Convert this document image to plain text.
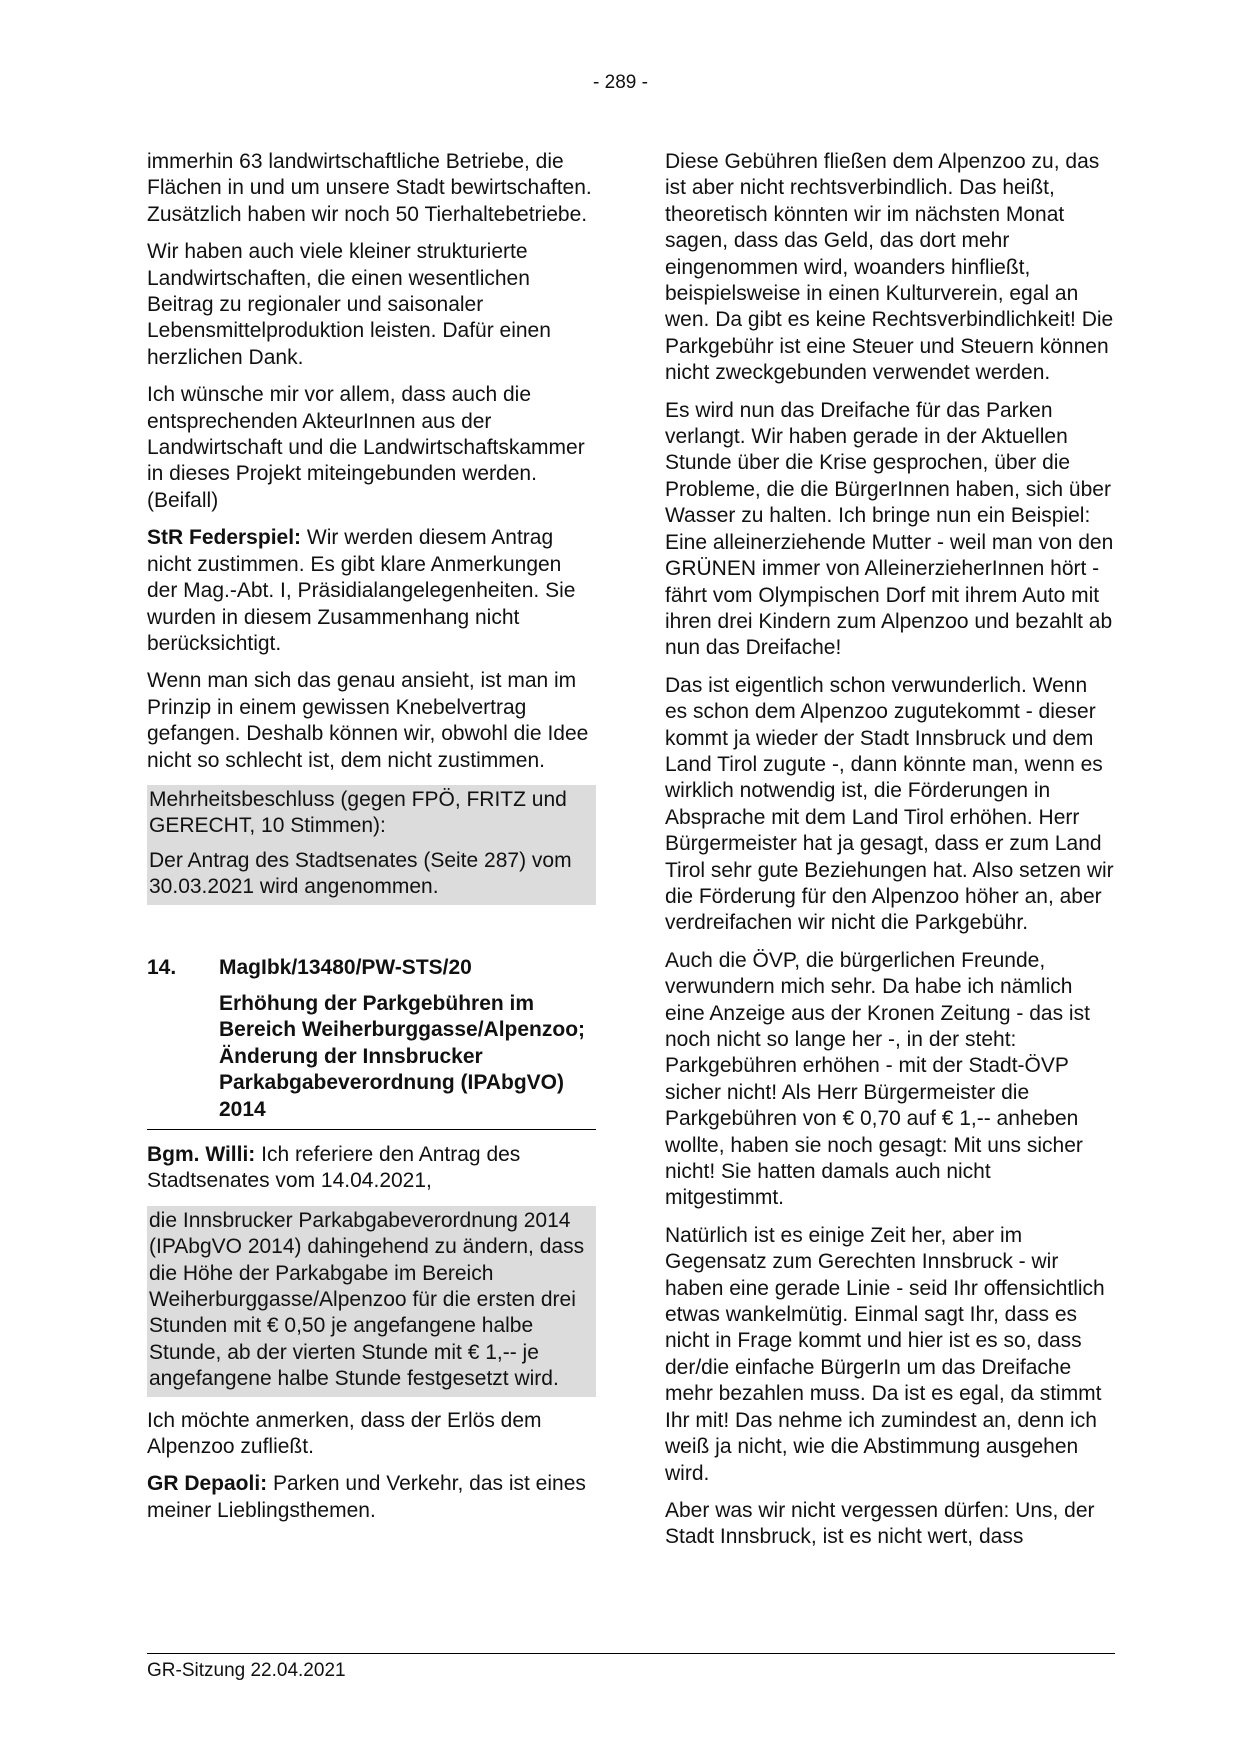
- 289 -

immerhin 63 landwirtschaftliche Betriebe, die Flächen in und um unsere Stadt bewirtschaften. Zusätzlich haben wir noch 50 Tierhaltebetriebe.

Wir haben auch viele kleiner strukturierte Landwirtschaften, die einen wesentlichen Beitrag zu regionaler und saisonaler Lebensmittelproduktion leisten. Dafür einen herzlichen Dank.

Ich wünsche mir vor allem, dass auch die entsprechenden AkteurInnen aus der Landwirtschaft und die Landwirtschaftskammer in dieses Projekt miteingebunden werden. (Beifall)

StR Federspiel: Wir werden diesem Antrag nicht zustimmen. Es gibt klare Anmerkungen der Mag.-Abt. I, Präsidialangelegenheiten. Sie wurden in diesem Zusammenhang nicht berücksichtigt.

Wenn man sich das genau ansieht, ist man im Prinzip in einem gewissen Knebelvertrag gefangen. Deshalb können wir, obwohl die Idee nicht so schlecht ist, dem nicht zustimmen.

Mehrheitsbeschluss (gegen FPÖ, FRITZ und GERECHT, 10 Stimmen):

Der Antrag des Stadtsenates (Seite 287) vom 30.03.2021 wird angenommen.

14.	MagIbk/13480/PW-STS/20
Erhöhung der Parkgebühren im Bereich Weiherburggasse/Alpenzoo; Änderung der Innsbrucker Parkabgabeverordnung (IPAbgVO) 2014

Bgm. Willi: Ich referiere den Antrag des Stadtsenates vom 14.04.2021,

die Innsbrucker Parkabgabeverordnung 2014 (IPAbgVO 2014) dahingehend zu ändern, dass die Höhe der Parkabgabe im Bereich Weiherburggasse/Alpenzoo für die ersten drei Stunden mit € 0,50 je angefangene halbe Stunde, ab der vierten Stunde mit € 1,-- je angefangene halbe Stunde festgesetzt wird.

Ich möchte anmerken, dass der Erlös dem Alpenzoo zufließt.

GR Depaoli: Parken und Verkehr, das ist eines meiner Lieblingsthemen.

Diese Gebühren fließen dem Alpenzoo zu, das ist aber nicht rechtsverbindlich. Das heißt, theoretisch könnten wir im nächsten Monat sagen, dass das Geld, das dort mehr eingenommen wird, woanders hinfließt, beispielsweise in einen Kulturverein, egal an wen. Da gibt es keine Rechtsverbindlichkeit! Die Parkgebühr ist eine Steuer und Steuern können nicht zweckgebunden verwendet werden.

Es wird nun das Dreifache für das Parken verlangt. Wir haben gerade in der Aktuellen Stunde über die Krise gesprochen, über die Probleme, die die BürgerInnen haben, sich über Wasser zu halten. Ich bringe nun ein Beispiel: Eine alleinerziehende Mutter - weil man von den GRÜNEN immer von AlleinerzieherInnen hört - fährt vom Olympischen Dorf mit ihrem Auto mit ihren drei Kindern zum Alpenzoo und bezahlt ab nun das Dreifache!

Das ist eigentlich schon verwunderlich. Wenn es schon dem Alpenzoo zugutekommt - dieser kommt ja wieder der Stadt Innsbruck und dem Land Tirol zugute -, dann könnte man, wenn es wirklich notwendig ist, die Förderungen in Absprache mit dem Land Tirol erhöhen. Herr Bürgermeister hat ja gesagt, dass er zum Land Tirol sehr gute Beziehungen hat. Also setzen wir die Förderung für den Alpenzoo höher an, aber verdreifachen wir nicht die Parkgebühr.

Auch die ÖVP, die bürgerlichen Freunde, verwundern mich sehr. Da habe ich nämlich eine Anzeige aus der Kronen Zeitung - das ist noch nicht so lange her -, in der steht: Parkgebühren erhöhen - mit der Stadt-ÖVP sicher nicht! Als Herr Bürgermeister die Parkgebühren von € 0,70 auf € 1,-- anheben wollte, haben sie noch gesagt: Mit uns sicher nicht! Sie hatten damals auch nicht mitgestimmt.

Natürlich ist es einige Zeit her, aber im Gegensatz zum Gerechten Innsbruck - wir haben eine gerade Linie - seid Ihr offensichtlich etwas wankelmütig. Einmal sagt Ihr, dass es nicht in Frage kommt und hier ist es so, dass der/die einfache BürgerIn um das Dreifache mehr bezahlen muss. Da ist es egal, da stimmt Ihr mit! Das nehme ich zumindest an, denn ich weiß ja nicht, wie die Abstimmung ausgehen wird.

Aber was wir nicht vergessen dürfen: Uns, der Stadt Innsbruck, ist es nicht wert, dass

GR-Sitzung 22.04.2021
